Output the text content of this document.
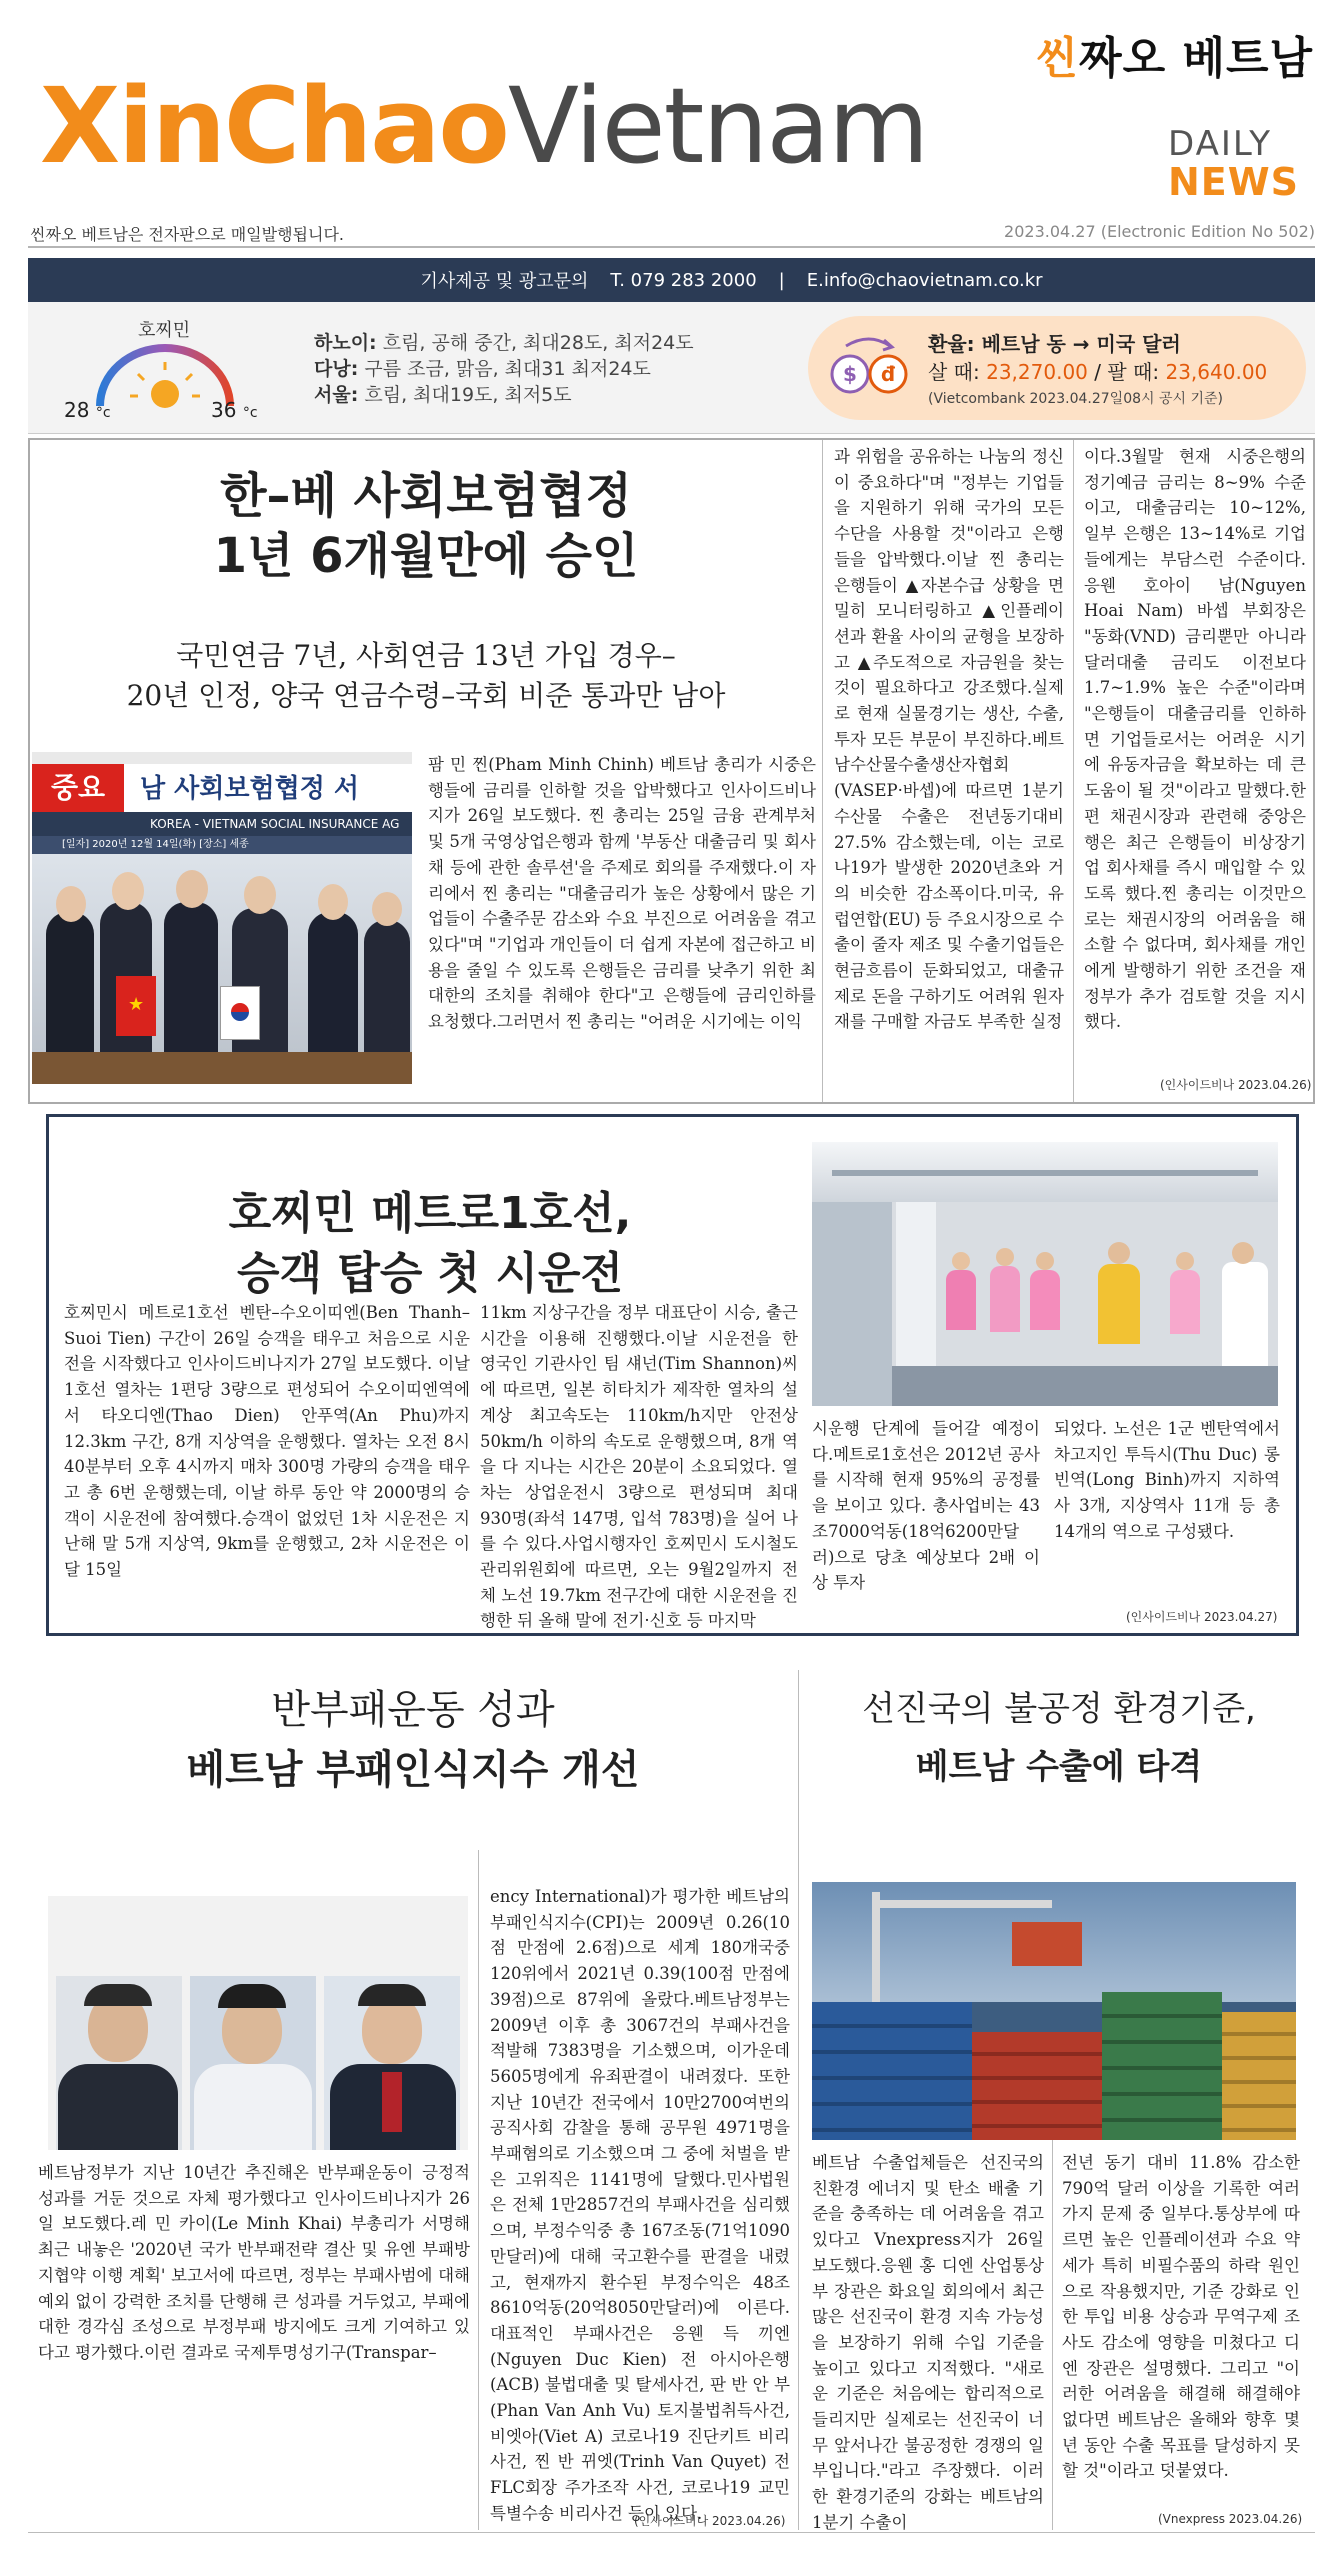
씬짜오 베트남
XinChaoVietnam	DAILY
NEWS
씬짜오 베트남은 전자판으로 매일발행됩니다.	2023.04.27 (Electronic Edition No 502)
기사제공 및 광고문의 T. 079 283 2000 | E.info@chaovietnam.co.kr
호찌민
28 °c	36 °c
하노이: 흐림, 공해 중간, 최대28도, 최저24도
다낭: 구름 조금, 맑음, 최대31 최저24도
서울: 흐림, 최대19도, 최저5도
$ đ
환율: 베트남 동 → 미국 달러
살 때: 23,270.00 / 팔 때: 23,640.00
(Vietcombank 2023.04.27일08시 공시 기준)
한–베 사회보험협정
1년 6개월만에 승인
국민연금 7년, 사회연금 13년 가입 경우–
20년 인정, 양국 연금수령–국회 비준 통과만 남아
중요	남 사회보험협정 서
KOREA - VIETNAM SOCIAL INSURANCE AG
[일자] 2020년 12월 14일(화) [장소] 세종
★
팜 민 찐(Pham Minh Chinh) 베트남 총리가 시중은행들에 금리를 인하할 것을 압박했다고 인사이드비나지가 26일 보도했다. 찐 총리는 25일 금융 관계부처 및 5개 국영상업은행과 함께 '부동산 대출금리 및 회사채 등에 관한 솔루션'을 주제로 회의를 주재했다.이 자리에서 찐 총리는 "대출금리가 높은 상황에서 많은 기업들이 수출주문 감소와 수요 부진으로 어려움을 겪고 있다"며 "기업과 개인들이 더 쉽게 자본에 접근하고 비용을 줄일 수 있도록 은행들은 금리를 낮추기 위한 최대한의 조치를 취해야 한다"고 은행들에 금리인하를 요청했다.그러면서 찐 총리는 "어려운 시기에는 이익
과 위험을 공유하는 나눔의 정신이 중요하다"며 "정부는 기업들을 지원하기 위해 국가의 모든 수단을 사용할 것"이라고 은행들을 압박했다.이날 찐 총리는 은행들이 ▲자본수급 상황을 면밀히 모니터링하고 ▲인플레이션과 환율 사이의 균형을 보장하고 ▲주도적으로 자금원을 찾는 것이 필요하다고 강조했다.실제로 현재 실물경기는 생산, 수출, 투자 모든 부문이 부진하다.베트남수산물수출생산자협회(VASEP·바셉)에 따르면 1분기 수산물 수출은 전년동기대비 27.5% 감소했는데, 이는 코로나19가 발생한 2020년초와 거의 비슷한 감소폭이다.미국, 유럽연합(EU) 등 주요시장으로 수출이 줄자 제조 및 수출기업들은 현금흐름이 둔화되었고, 대출규제로 돈을 구하기도 어려워 원자재를 구매할 자금도 부족한 실정
이다.3월말 현재 시중은행의 정기예금 금리는 8~9% 수준이고, 대출금리는 10~12%, 일부 은행은 13~14%로 기업들에게는 부담스런 수준이다.응웬 호아이 남(Nguyen Hoai Nam) 바셉 부회장은 "동화(VND) 금리뿐만 아니라 달러대출 금리도 이전보다 1.7~1.9% 높은 수준"이라며 "은행들이 대출금리를 인하하면 기업들로서는 어려운 시기에 유동자금을 확보하는 데 큰 도움이 될 것"이라고 말했다.한편 채권시장과 관련해 중앙은행은 최근 은행들이 비상장기업 회사채를 즉시 매입할 수 있도록 했다.찐 총리는 이것만으로는 채권시장의 어려움을 해소할 수 없다며, 회사채를 개인에게 발행하기 위한 조건을 재정부가 추가 검토할 것을 지시했다.
(인사이드비나 2023.04.26)
호찌민 메트로1호선,
승객 탑승 첫 시운전
호찌민시 메트로1호선 벤탄–수오이띠엔(Ben Thanh–Suoi Tien) 구간이 26일 승객을 태우고 처음으로 시운전을 시작했다고 인사이드비나지가 27일 보도했다. 이날 1호선 열차는 1편당 3량으로 편성되어 수오이띠엔역에서 타오디엔(Thao Dien) 안푸역(An Phu)까지 12.3km 구간, 8개 지상역을 운행했다. 열차는 오전 8시40분부터 오후 4시까지 매차 300명 가량의 승객을 태우고 총 6번 운행했는데, 이날 하루 동안 약 2000명의 승객이 시운전에 참여했다.승객이 없었던 1차 시운전은 지난해 말 5개 지상역, 9km를 운행했고, 2차 시운전은 이달 15일
11km 지상구간을 정부 대표단이 시승, 출근시간을 이용해 진행했다.이날 시운전을 한 영국인 기관사인 팀 섀넌(Tim Shannon)씨에 따르면, 일본 히타치가 제작한 열차의 설계상 최고속도는 110km/h지만 안전상 50km/h 이하의 속도로 운행했으며, 8개 역을 다 지나는 시간은 20분이 소요되었다. 열차는 상업운전시 3량으로 편성되며 최대 930명(좌석 147명, 입석 783명)을 실어 나를 수 있다.사업시행자인 호찌민시 도시철도 관리위원회에 따르면, 오는 9월2일까지 전체 노선 19.7km 전구간에 대한 시운전을 진행한 뒤 올해 말에 전기·신호 등 마지막
시운행 단계에 들어갈 예정이다.메트로1호선은 2012년 공사를 시작해 현재 95%의 공정률을 보이고 있다. 총사업비는 43조7000억동(18억6200만달러)으로 당초 예상보다 2배 이상 투자
되었다. 노선은 1군 벤탄역에서 차고지인 투득시(Thu Duc) 롱빈역(Long Binh)까지 지하역사 3개, 지상역사 11개 등 총 14개의 역으로 구성됐다.
(인사이드비나 2023.04.27)
반부패운동 성과
베트남 부패인식지수 개선
베트남정부가 지난 10년간 추진해온 반부패운동이 긍정적 성과를 거둔 것으로 자체 평가했다고 인사이드비나지가 26일 보도했다.레 민 카이(Le Minh Khai) 부총리가 서명해 최근 내놓은 '2020년 국가 반부패전략 결산 및 유엔 부패방지협약 이행 계획' 보고서에 따르면, 정부는 부패사범에 대해 예외 없이 강력한 조치를 단행해 큰 성과를 거두었고, 부패에 대한 경각심 조성으로 부정부패 방지에도 크게 기여하고 있다고 평가했다.이런 결과로 국제투명성기구(Transpar–
ency International)가 평가한 베트남의 부패인식지수(CPI)는 2009년 0.26(10점 만점에 2.6점)으로 세계 180개국중 120위에서 2021년 0.39(100점 만점에 39점)으로 87위에 올랐다.베트남정부는 2009년 이후 총 3067건의 부패사건을 적발해 7383명을 기소했으며, 이가운데 5605명에게 유죄판결이 내려졌다. 또한 지난 10년간 전국에서 10만2700여번의 공직사회 감찰을 통해 공무원 4971명을 부패혐의로 기소했으며 그 중에 처벌을 받은 고위직은 1141명에 달했다.민사법원은 전체 1만2857건의 부패사건을 심리했으며, 부정수익중 총 167조동(71억1090만달러)에 대해 국고환수를 판결을 내렸고, 현재까지 환수된 부정수익은 48조8610억동(20억8050만달러)에 이른다.대표적인 부패사건은 응웬 득 끼엔(Nguyen Duc Kien) 전 아시아은행(ACB) 불법대출 및 탈세사건, 판 반 안 부(Phan Van Anh Vu) 토지불법취득사건, 비엣아(Viet A) 코로나19 진단키트 비리사건, 찐 반 뀌엣(Trinh Van Quyet) 전 FLC회장 주가조작 사건, 코로나19 교민 특별수송 비리사건 등이 있다.
(인사이드비나 2023.04.26)
선진국의 불공정 환경기준,
베트남 수출에 타격
베트남 수출업체들은 선진국의 친환경 에너지 및 탄소 배출 기준을 충족하는 데 어려움을 겪고 있다고 Vnexpress지가 26일 보도했다.응웬 홍 디엔 산업통상부 장관은 화요일 회의에서 최근 많은 선진국이 환경 지속 가능성을 보장하기 위해 수입 기준을 높이고 있다고 지적했다. "새로운 기준은 처음에는 합리적으로 들리지만 실제로는 선진국이 너무 앞서나간 불공정한 경쟁의 일부입니다."라고 주장했다. 이러한 환경기준의 강화는 베트남의 1분기 수출이
전년 동기 대비 11.8% 감소한 790억 달러 이상을 기록한 여러 가지 문제 중 일부다.통상부에 따르면 높은 인플레이션과 수요 약세가 특히 비필수품의 하락 원인으로 작용했지만, 기준 강화로 인한 투입 비용 상승과 무역구제 조사도 감소에 영향을 미쳤다고 디엔 장관은 설명했다. 그리고 "이러한 어려움을 해결해 해결해야 없다면 베트남은 올해와 향후 몇 년 동안 수출 목표를 달성하지 못할 것"이라고 덧붙였다.
(Vnexpress 2023.04.26)
